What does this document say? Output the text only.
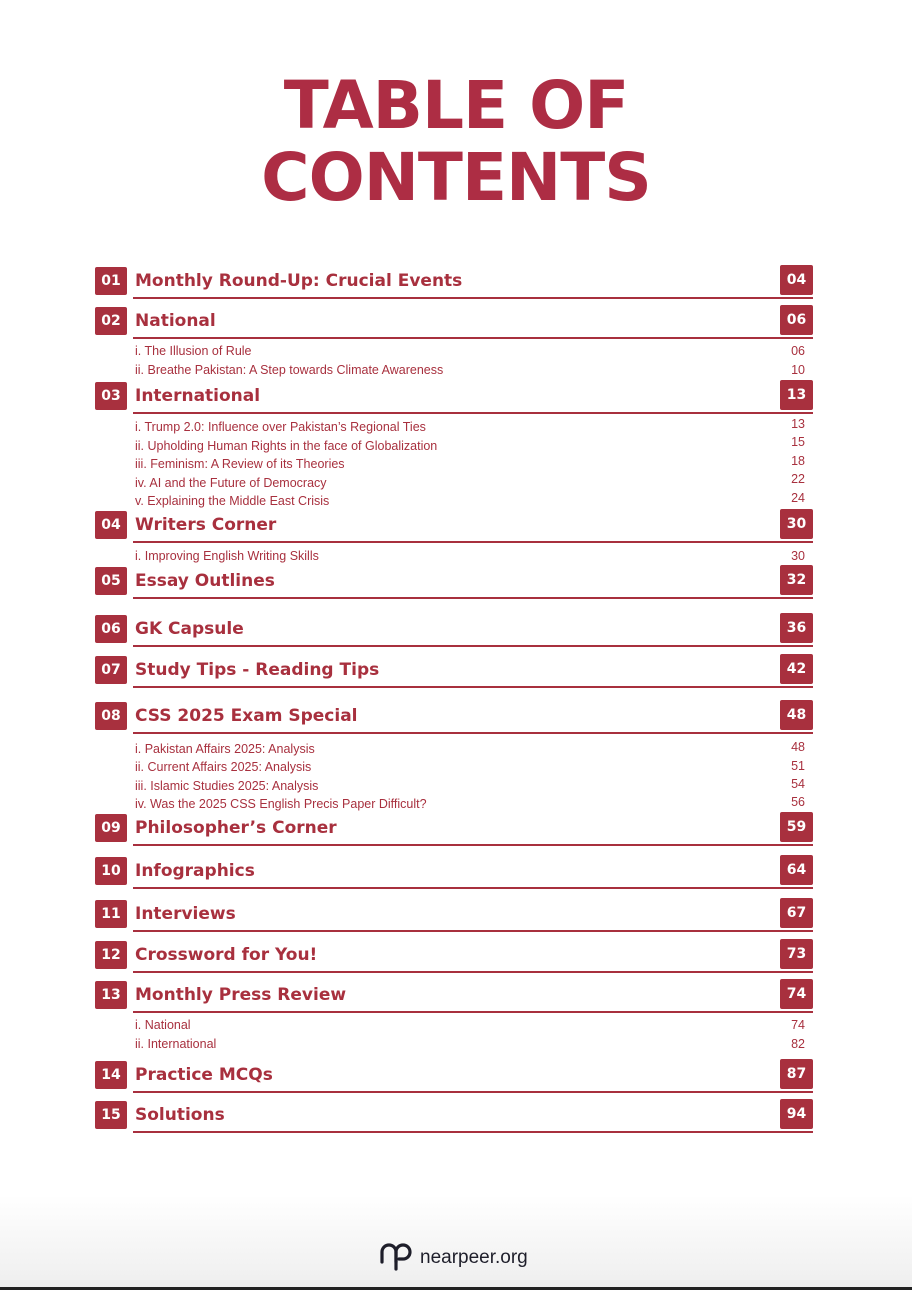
TABLE OF
CONTENTS
01 Monthly Round-Up: Crucial Events	04
02 National	06
i. The Illusion of Rule	06
ii. Breathe Pakistan: A Step towards Climate Awareness	10
03 International	13
i. Trump 2.0: Influence over Pakistan’s Regional Ties	13
ii. Upholding Human Rights in the face of Globalization	15
iii. Feminism: A Review of its Theories	18
iv. AI and the Future of Democracy	22
v. Explaining the Middle East Crisis	24
04 Writers Corner	30
i. Improving English Writing Skills	30
05 Essay Outlines	32
06 GK Capsule	36
07 Study Tips - Reading Tips	42
08 CSS 2025 Exam Special	48
i. Pakistan Affairs 2025: Analysis	48
ii. Current Affairs 2025: Analysis	51
iii. Islamic Studies 2025: Analysis	54
iv. Was the 2025 CSS English Precis Paper Difficult?	56
09 Philosopher’s Corner	59
10 Infographics	64
11 Interviews	67
12 Crossword for You!	73
13 Monthly Press Review	74
i. National	74
ii. International	82
14 Practice MCQs	87
15 Solutions	94
nearpeer.org
